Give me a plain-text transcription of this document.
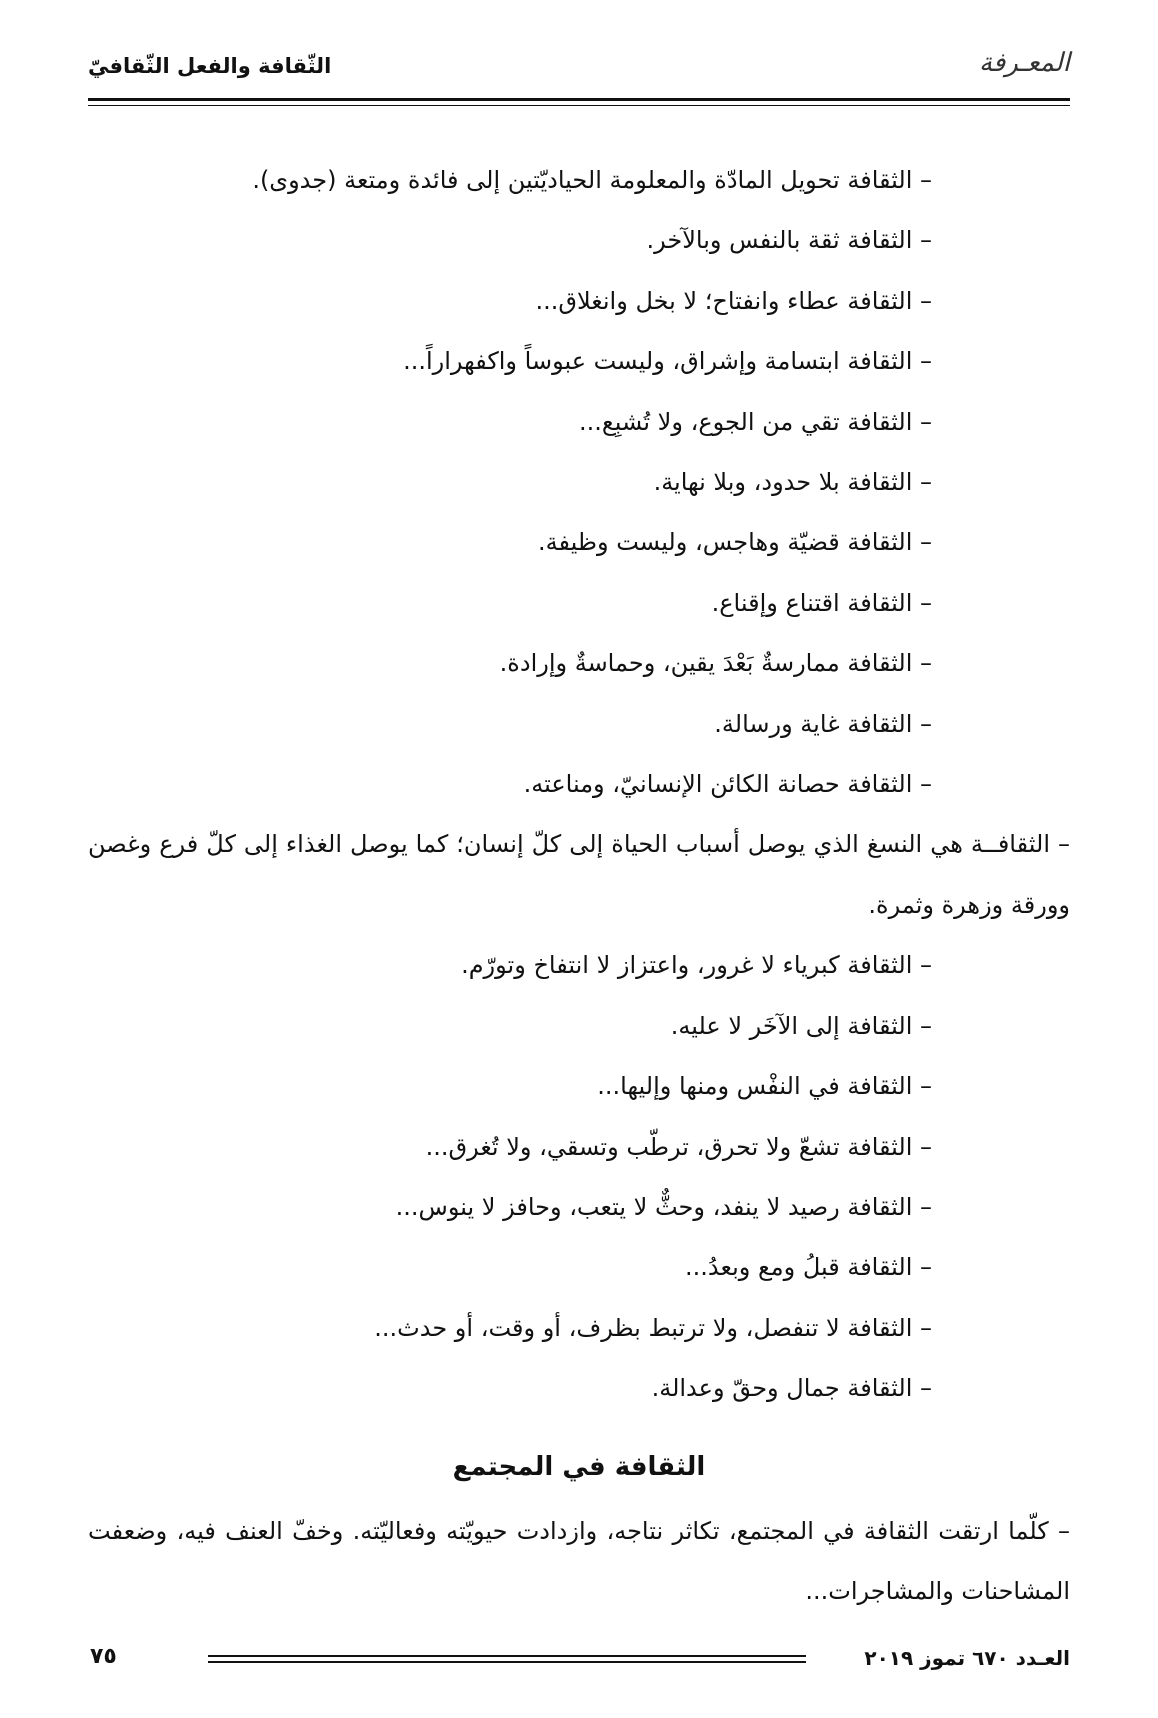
المعـرفة
الثّقافة والفعل الثّقافيّ

– الثقافة تحويل المادّة والمعلومة الحياديّتين إلى فائدة ومتعة (جدوى).

– الثقافة ثقة بالنفس وبالآخر.

– الثقافة عطاء وانفتاح؛ لا بخل وانغلاق...

– الثقافة ابتسامة وإشراق، وليست عبوساً واكفهراراً...

– الثقافة تقي من الجوع، ولا تُشبِع...

– الثقافة بلا حدود، وبلا نهاية.

– الثقافة قضيّة وهاجس، وليست وظيفة.

– الثقافة اقتناع وإقناع.

– الثقافة ممارسةٌ بَعْدَ يقين، وحماسةٌ وإرادة.

– الثقافة غاية ورسالة.

– الثقافة حصانة الكائن الإنسانيّ، ومناعته.

– الثقافــة هي النسغ الذي يوصل أسباب الحياة إلى كلّ إنسان؛ كما يوصل الغذاء إلى كلّ فرع وغصن وورقة وزهرة وثمرة.

– الثقافة كبرياء لا غرور، واعتزاز لا انتفاخ وتورّم.

– الثقافة إلى الآخَر لا عليه.

– الثقافة في النفْس ومنها وإليها...

– الثقافة تشعّ ولا تحرق، ترطّب وتسقي، ولا تُغرق...

– الثقافة رصيد لا ينفد، وحثٌّ لا يتعب، وحافز لا ينوس...

– الثقافة قبلُ ومع وبعدُ...

– الثقافة لا تنفصل، ولا ترتبط بظرف، أو وقت، أو حدث...

– الثقافة جمال وحقّ وعدالة.

الثقافة في المجتمع

– كلّما ارتقت الثقافة في المجتمع، تكاثر نتاجه، وازدادت حيويّته وفعاليّته. وخفّ العنف فيه، وضعفت المشاحنات والمشاجرات...

العـدد ٦٧٠ تموز ٢٠١٩
٧٥
